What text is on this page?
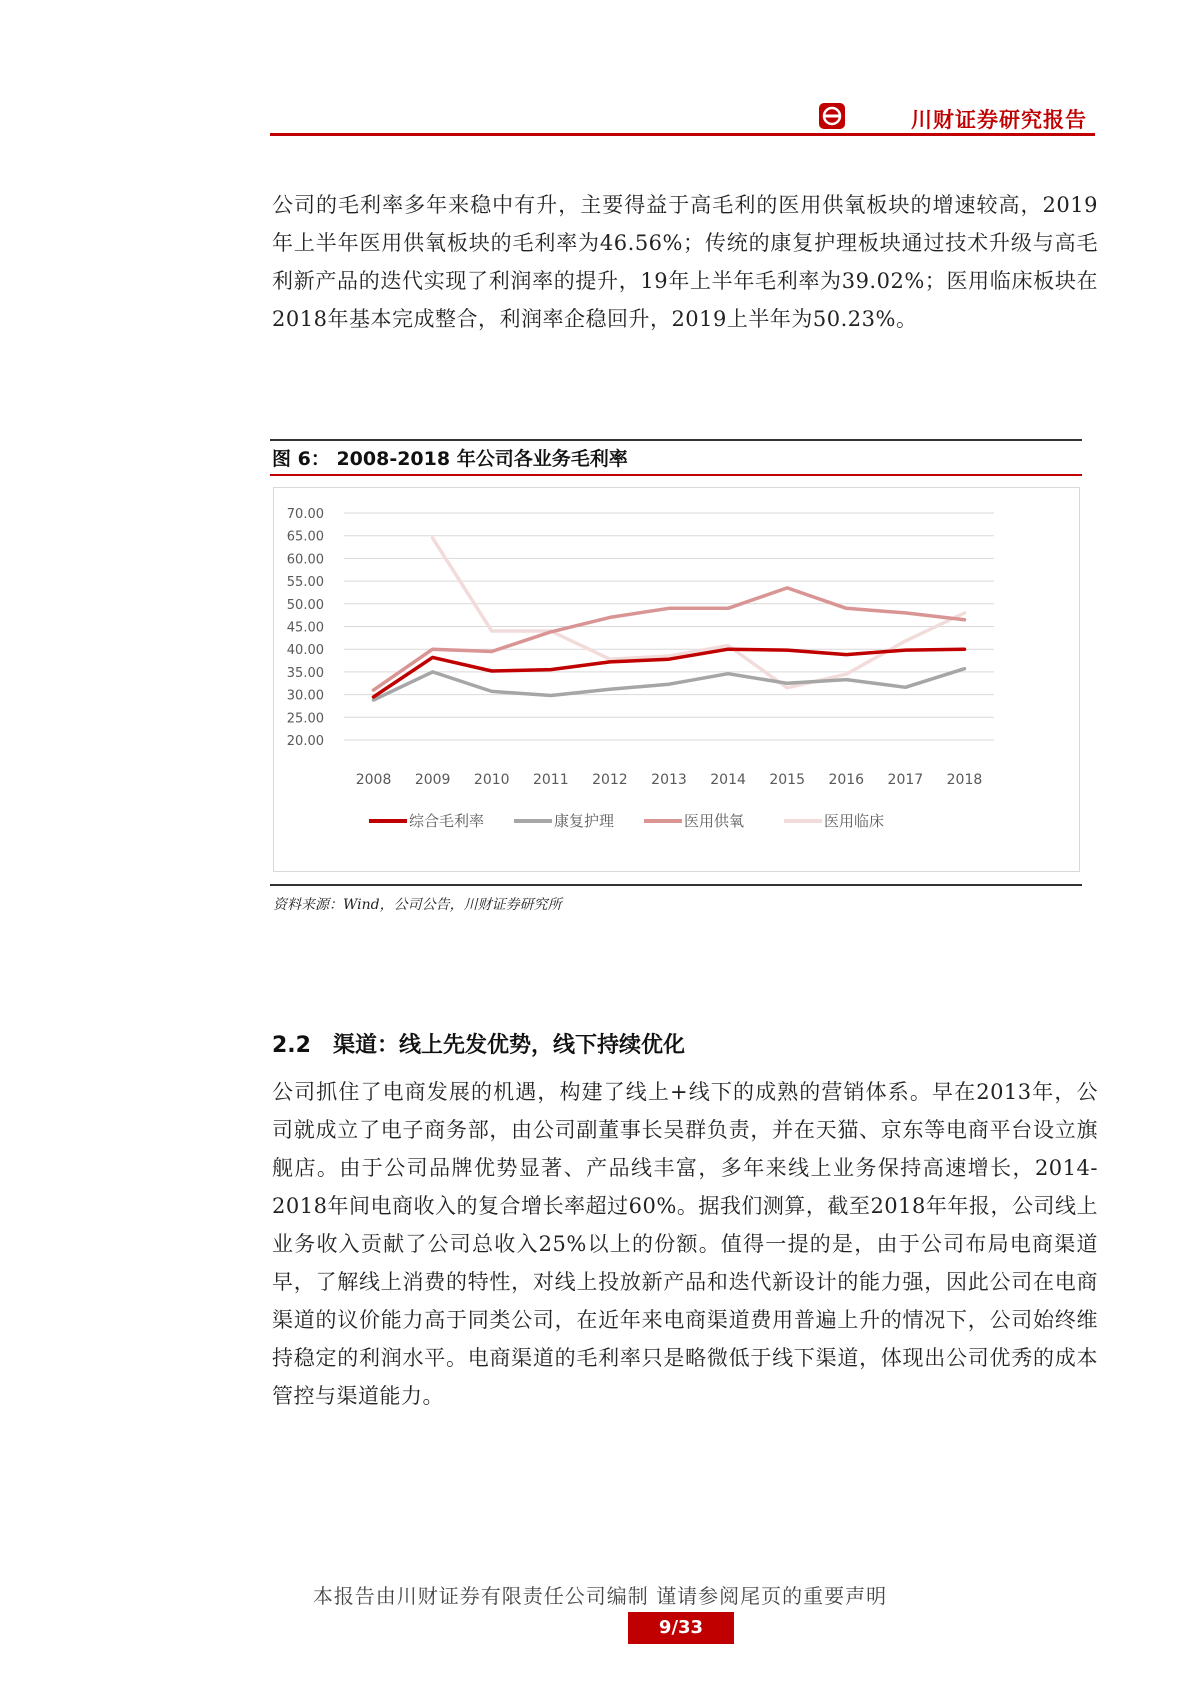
川财证券研究报告

公司的毛利率多年来稳中有升，主要得益于高毛利的医用供氧板块的增速较高，2019年上半年医用供氧板块的毛利率为46.56%；传统的康复护理板块通过技术升级与高毛利新产品的迭代实现了利润率的提升，19年上半年毛利率为39.02%；医用临床板块在2018年基本完成整合，利润率企稳回升，2019上半年为50.23%。

图 6： 2008-2018 年公司各业务毛利率
70.00
65.00
60.00
55.00
50.00
45.00
40.00
35.00
30.00
25.00
20.00
2008 2009 2010 2011 2012 2013 2014 2015 2016 2017 2018
综合毛利率	康复护理	医用供氧	医用临床
资料来源：Wind，公司公告，川财证券研究所
2.2 渠道：线上先发优势，线下持续优化

公司抓住了电商发展的机遇，构建了线上+线下的成熟的营销体系。早在2013年，公司就成立了电子商务部，由公司副董事长吴群负责，并在天猫、京东等电商平台设立旗舰店。由于公司品牌优势显著、产品线丰富，多年来线上业务保持高速增长，2014-2018年间电商收入的复合增长率超过60%。据我们测算，截至2018年年报，公司线上业务收入贡献了公司总收入25%以上的份额。值得一提的是，由于公司布局电商渠道早，了解线上消费的特性，对线上投放新产品和迭代新设计的能力强，因此公司在电商渠道的议价能力高于同类公司，在近年来电商渠道费用普遍上升的情况下，公司始终维持稳定的利润水平。电商渠道的毛利率只是略微低于线下渠道，体现出公司优秀的成本管控与渠道能力。

本报告由川财证券有限责任公司编制 谨请参阅尾页的重要声明
9/33
